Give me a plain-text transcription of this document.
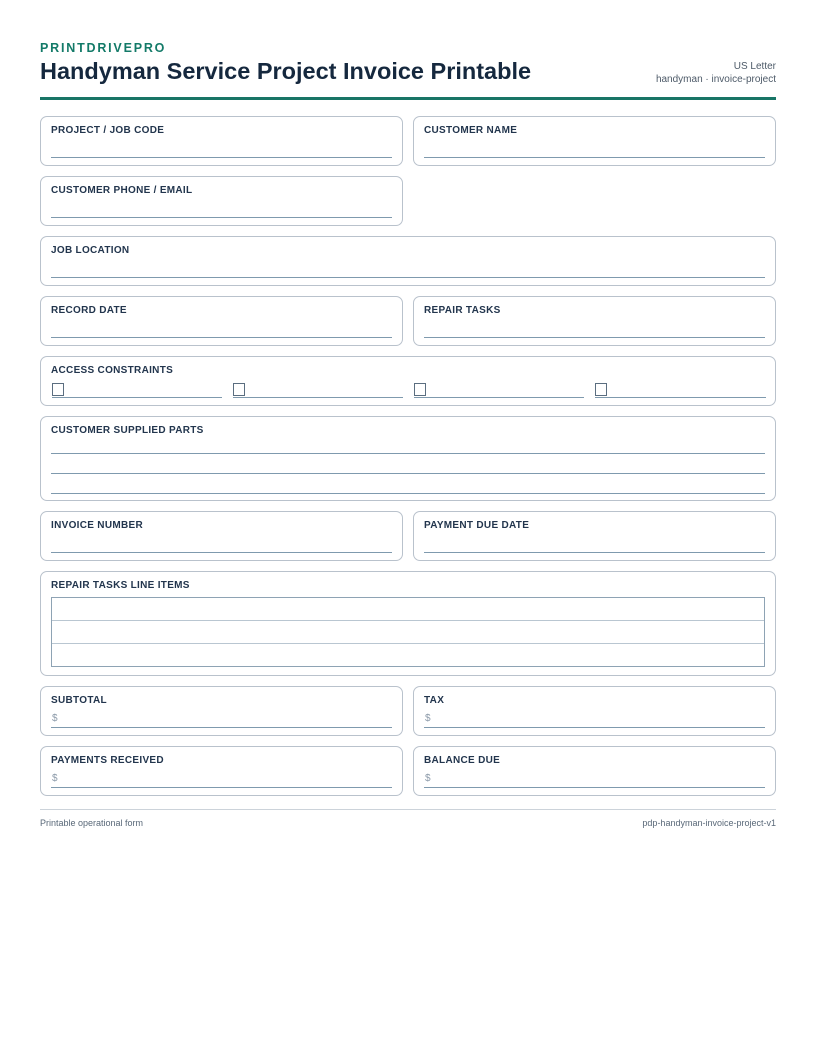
PRINTDRIVEPRO
Handyman Service Project Invoice Printable	US Letter
handyman · invoice-project
PROJECT / JOB CODE	CUSTOMER NAME
CUSTOMER PHONE / EMAIL
JOB LOCATION
RECORD DATE	REPAIR TASKS
ACCESS CONSTRAINTS
CUSTOMER SUPPLIED PARTS
INVOICE NUMBER	PAYMENT DUE DATE
REPAIR TASKS LINE ITEMS
SUBTOTAL
$
TAX
$
PAYMENTS RECEIVED
$
BALANCE DUE
$
Printable operational form	pdp-handyman-invoice-project-v1
